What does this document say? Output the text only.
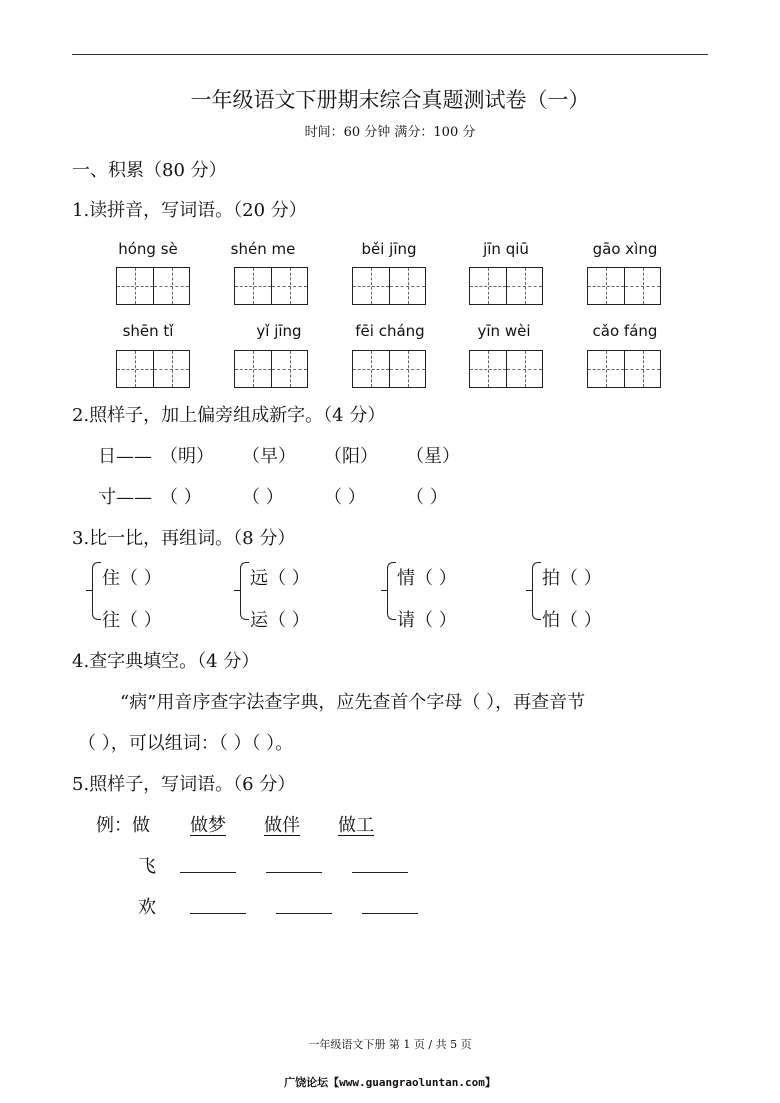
一年级语文下册期末综合真题测试卷（一）
时间：60 分钟 满分：100 分
一、积累（80 分）
1.读拼音，写词语。（20 分）
hóng sè	shén me	běi jīng	jīn qiū	gāo xìng
shēn tǐ	yǐ jīng	fēi cháng	yīn wèi	cǎo fáng
2.照样子，加上偏旁组成新字。（4 分）
日—— （明） （早） （阳） （星）
寸—— （ ） （ ） （ ） （ ）
3.比一比，再组词。（8 分）
住（ ）
往（ ）
远（ ）
运（ ）
情（ ）
请（ ）
拍（ ）
怕（ ）
4.查字典填空。（4 分）
“病”用音序查字法查字典，应先查首个字母（ ），再查音节
（ ），可以组词：（ ）（ ）。
5.照样子，写词语。（6 分）
例：做 做梦 做伴 做工
飞
欢
一年级语文下册 第 1 页 / 共 5 页
广饶论坛【www.guangraoluntan.com】
